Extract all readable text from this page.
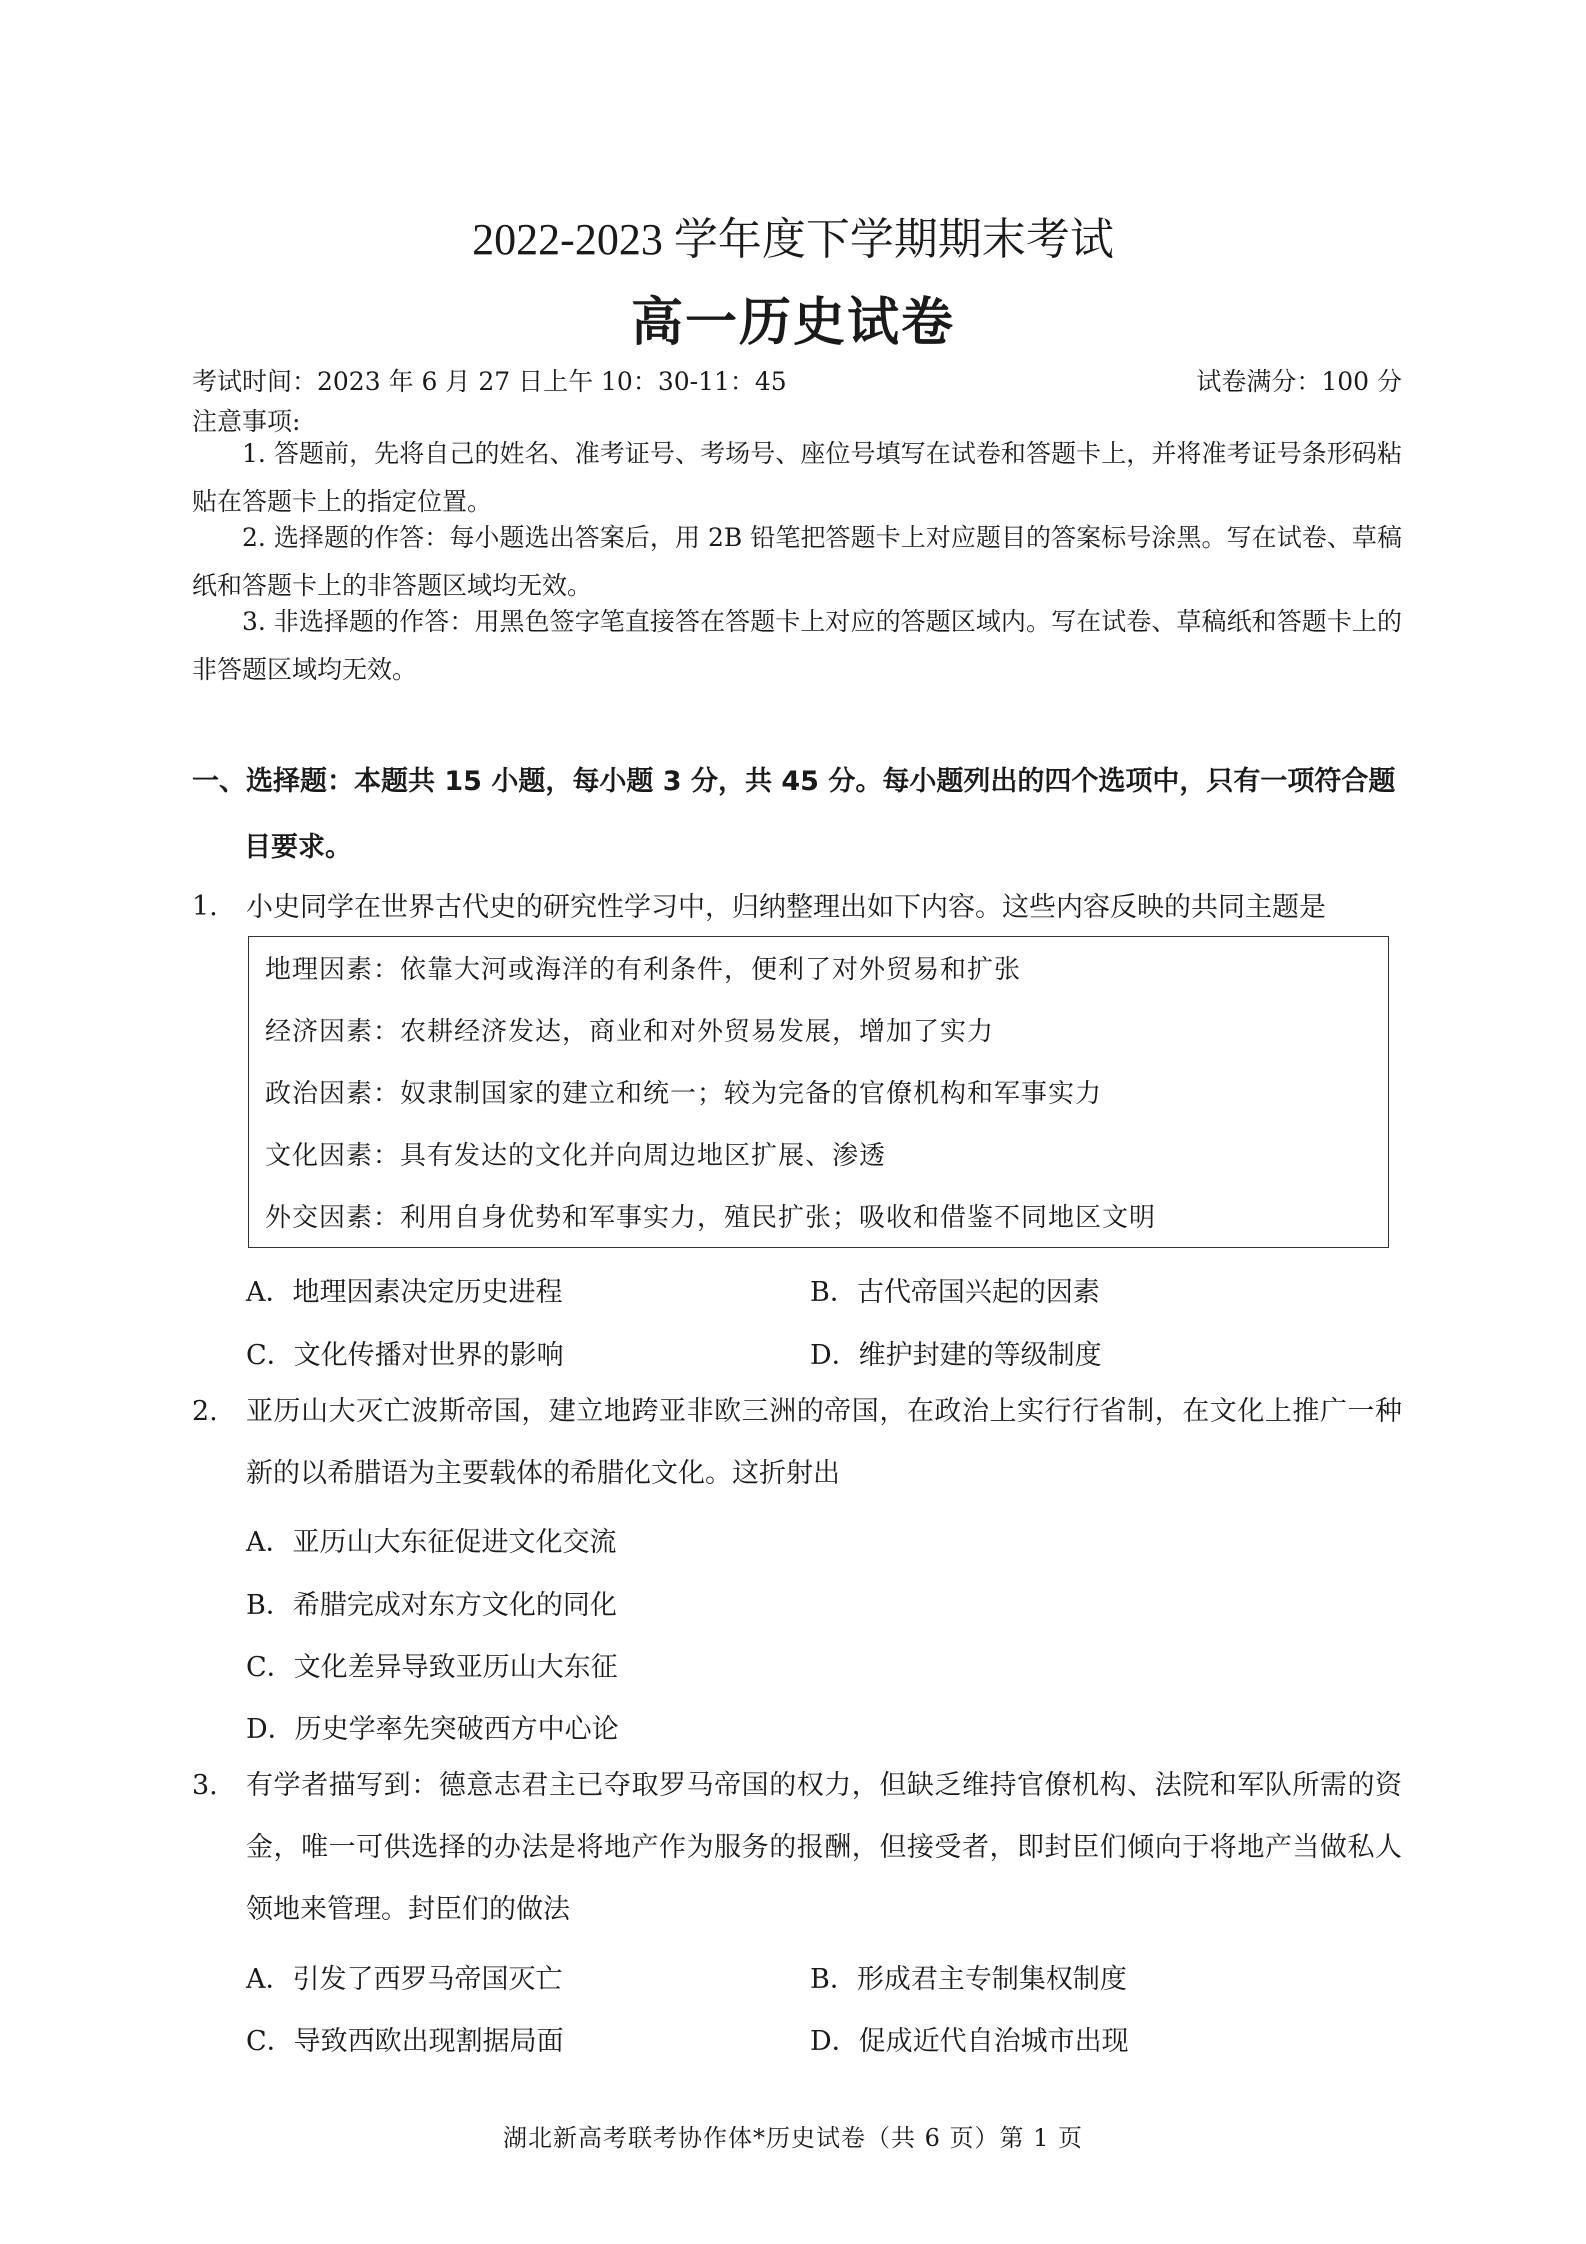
2022-2023 学年度下学期期末考试
高一历史试卷
考试时间：2023 年 6 月 27 日上午 10：30-11：45	试卷满分：100 分
注意事项:
1. 答题前，先将自己的姓名、准考证号、考场号、座位号填写在试卷和答题卡上，并将准考证号条形码粘贴在答题卡上的指定位置。
2. 选择题的作答：每小题选出答案后，用 2B 铅笔把答题卡上对应题目的答案标号涂黑。写在试卷、草稿纸和答题卡上的非答题区域均无效。
3. 非选择题的作答：用黑色签字笔直接答在答题卡上对应的答题区域内。写在试卷、草稿纸和答题卡上的非答题区域均无效。
一、选择题：本题共 15 小题，每小题 3 分，共 45 分。每小题列出的四个选项中，只有一项符合题
目要求。
1. 小史同学在世界古代史的研究性学习中，归纳整理出如下内容。这些内容反映的共同主题是
地理因素：依靠大河或海洋的有利条件，便利了对外贸易和扩张
经济因素：农耕经济发达，商业和对外贸易发展，增加了实力
政治因素：奴隶制国家的建立和统一；较为完备的官僚机构和军事实力
文化因素：具有发达的文化并向周边地区扩展、渗透
外交因素：利用自身优势和军事实力，殖民扩张；吸收和借鉴不同地区文明
A．地理因素决定历史进程	B．古代帝国兴起的因素
C．文化传播对世界的影响	D．维护封建的等级制度
2. 亚历山大灭亡波斯帝国，建立地跨亚非欧三洲的帝国，在政治上实行行省制，在文化上推广一种新的以希腊语为主要载体的希腊化文化。这折射出
A．亚历山大东征促进文化交流
B．希腊完成对东方文化的同化
C．文化差异导致亚历山大东征
D．历史学率先突破西方中心论
3. 有学者描写到：德意志君主已夺取罗马帝国的权力，但缺乏维持官僚机构、法院和军队所需的资金，唯一可供选择的办法是将地产作为服务的报酬，但接受者，即封臣们倾向于将地产当做私人领地来管理。封臣们的做法
A．引发了西罗马帝国灭亡	B．形成君主专制集权制度
C．导致西欧出现割据局面	D．促成近代自治城市出现
湖北新高考联考协作体*历史试卷（共 6 页）第 1 页
